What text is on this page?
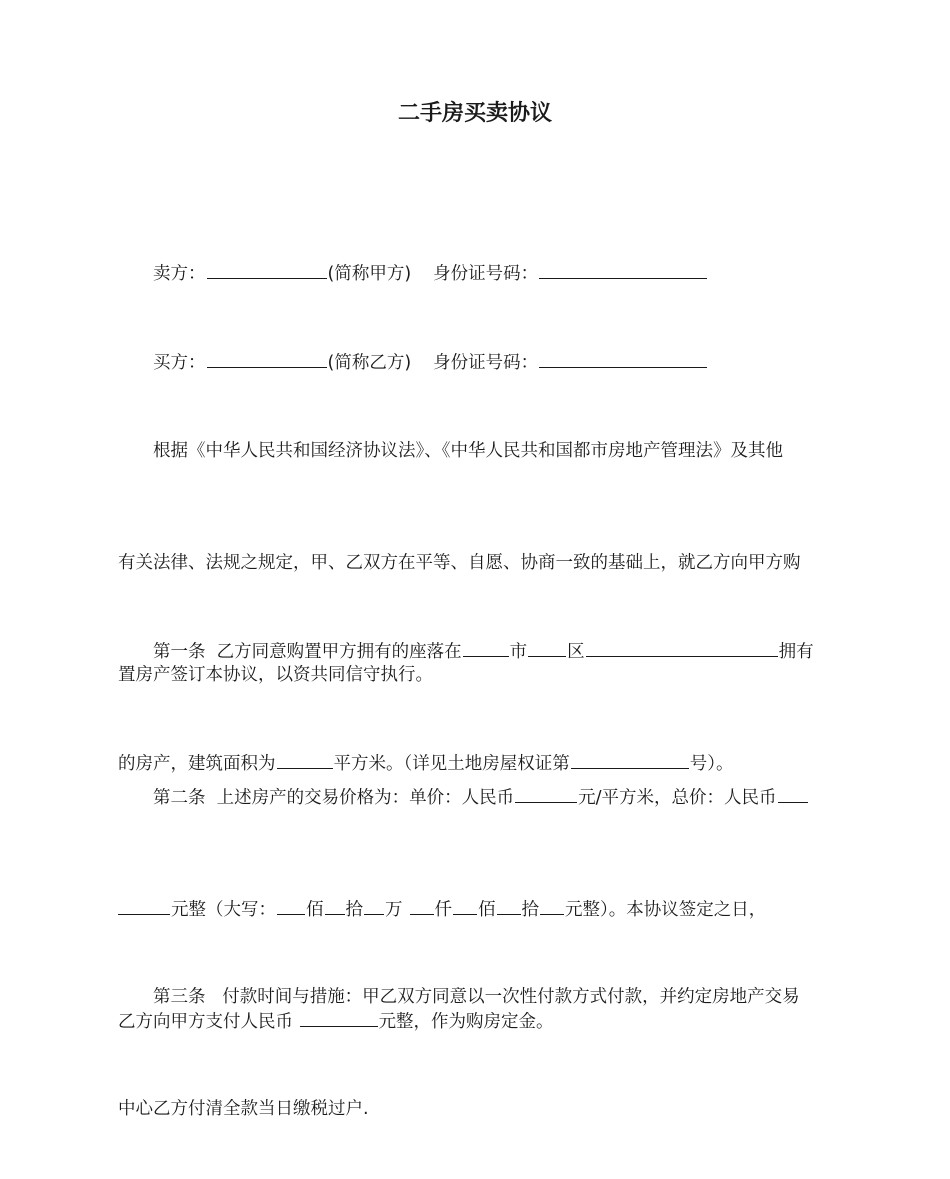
二手房买卖协议

卖方：	(简称甲方) 身份证号码：

买方：	(简称乙方) 身份证号码：

根据《中华人民共和国经济协议法》、《中华人民共和国都市房地产管理法》及其他

有关法律、法规之规定，甲、乙双方在平等、自愿、协商一致的基础上，就乙方向甲方购

置房产签订本协议，以资共同信守执行。

第一条  乙方同意购置甲方拥有的座落在	市 区	拥有

的房产，建筑面积为	平方米。（详见土地房屋权证第	号）。

第二条  上述房产的交易价格为：单价：人民币	元/平方米，总价：人民币

元整（大写： 佰 拾 万 仟 佰 拾 元整）。本协议签定之日，

乙方向甲方支付人民币	元整，作为购房定金。

第三条   付款时间与措施：甲乙双方同意以一次性付款方式付款，并约定房地产交易

中心乙方付清全款当日缴税过户.
